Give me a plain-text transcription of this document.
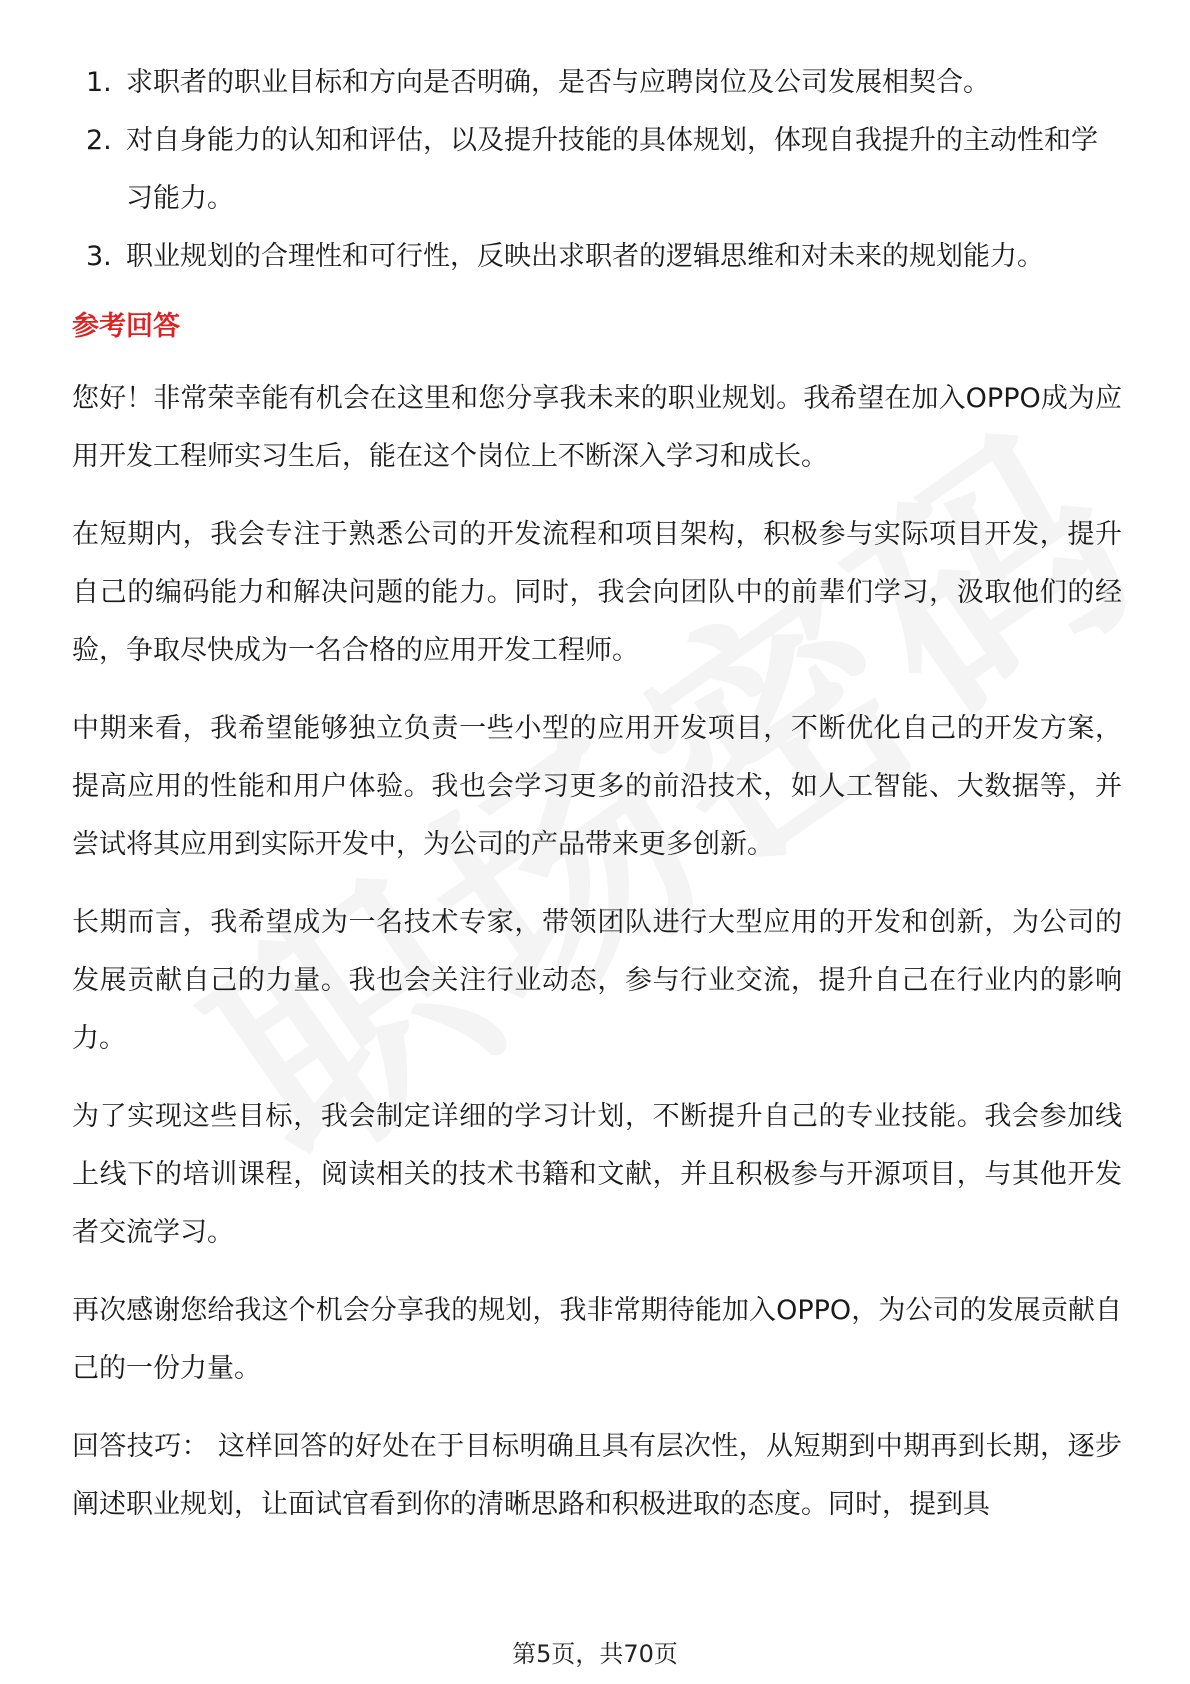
1. 求职者的职业目标和方向是否明确，是否与应聘岗位及公司发展相契合。
2. 对自身能力的认知和评估，以及提升技能的具体规划，体现自我提升的主动性和学习能力。
3. 职业规划的合理性和可行性，反映出求职者的逻辑思维和对未来的规划能力。
参考回答

您好！非常荣幸能有机会在这里和您分享我未来的职业规划。我希望在加入OPPO成为应用开发工程师实习生后，能在这个岗位上不断深入学习和成长。

在短期内，我会专注于熟悉公司的开发流程和项目架构，积极参与实际项目开发，提升自己的编码能力和解决问题的能力。同时，我会向团队中的前辈们学习，汲取他们的经验，争取尽快成为一名合格的应用开发工程师。

中期来看，我希望能够独立负责一些小型的应用开发项目，不断优化自己的开发方案，提高应用的性能和用户体验。我也会学习更多的前沿技术，如人工智能、大数据等，并尝试将其应用到实际开发中，为公司的产品带来更多创新。

长期而言，我希望成为一名技术专家，带领团队进行大型应用的开发和创新，为公司的发展贡献自己的力量。我也会关注行业动态，参与行业交流，提升自己在行业内的影响力。

为了实现这些目标，我会制定详细的学习计划，不断提升自己的专业技能。我会参加线上线下的培训课程，阅读相关的技术书籍和文献，并且积极参与开源项目，与其他开发者交流学习。

再次感谢您给我这个机会分享我的规划，我非常期待能加入OPPO，为公司的发展贡献自己的一份力量。

回答技巧： 这样回答的好处在于目标明确且具有层次性，从短期到中期再到长期，逐步阐述职业规划，让面试官看到你的清晰思路和积极进取的态度。同时，提到具

第5页，共70页
